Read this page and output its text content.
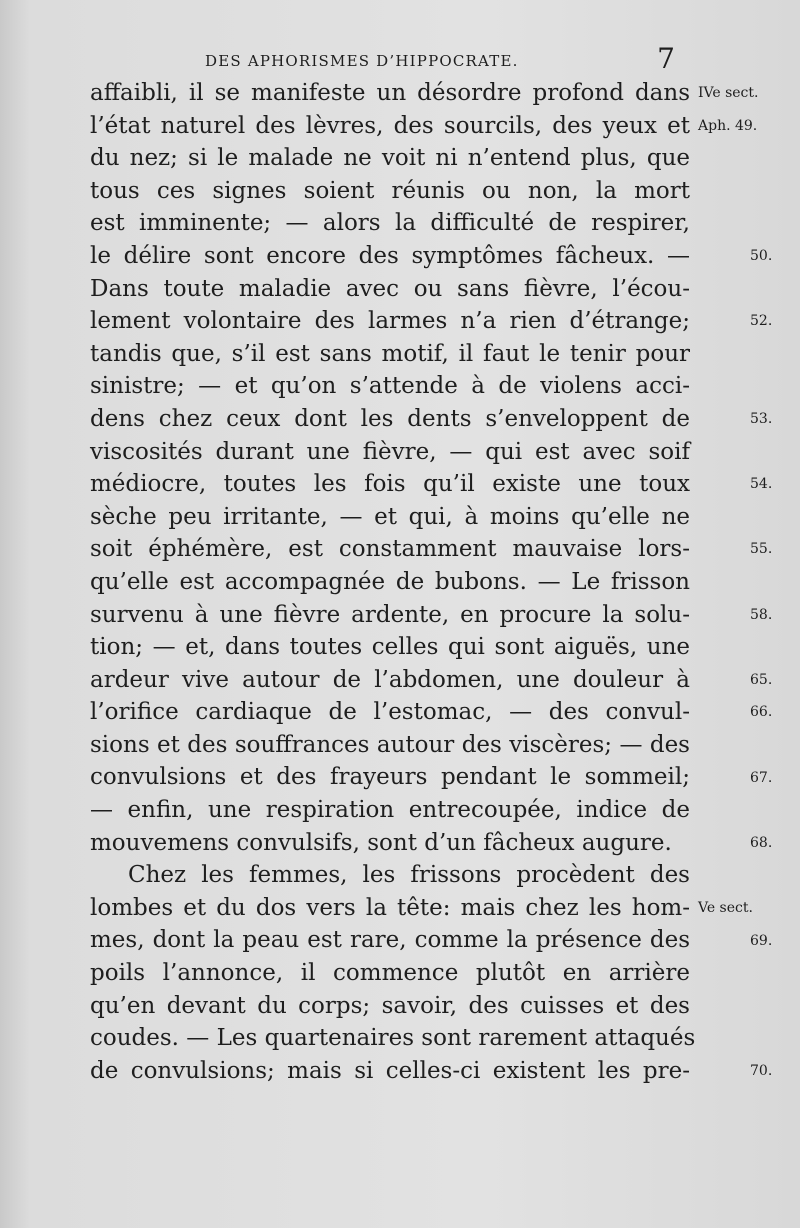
DES APHORISMES D’HIPPOCRATE.	7
affaibli, il se manifeste un désordre profond dans
l’état naturel des lèvres, des sourcils, des yeux et
du nez; si le malade ne voit ni n’entend plus, que
tous ces signes soient réunis ou non, la mort
est imminente; — alors la difficulté de respirer,
le délire sont encore des symptômes fâcheux. —
Dans toute maladie avec ou sans fièvre, l’écou-
lement volontaire des larmes n’a rien d’étrange;
tandis que, s’il est sans motif, il faut le tenir pour
sinistre; — et qu’on s’attende à de violens acci-
dens chez ceux dont les dents s’enveloppent de
viscosités durant une fièvre, — qui est avec soif
médiocre, toutes les fois qu’il existe une toux
sèche peu irritante, — et qui, à moins qu’elle ne
soit éphémère, est constamment mauvaise lors-
qu’elle est accompagnée de bubons. — Le frisson
survenu à une fièvre ardente, en procure la solu-
tion; — et, dans toutes celles qui sont aiguës, une
ardeur vive autour de l’abdomen, une douleur à
l’orifice cardiaque de l’estomac, — des convul-
sions et des souffrances autour des viscères; — des
convulsions et des frayeurs pendant le sommeil;
— enfin, une respiration entrecoupée, indice de
mouvemens convulsifs, sont d’un fâcheux augure.
Chez les femmes, les frissons procèdent des
lombes et du dos vers la tête: mais chez les hom-
mes, dont la peau est rare, comme la présence des
poils l’annonce, il commence plutôt en arrière
qu’en devant du corps; savoir, des cuisses et des
coudes. — Les quartenaires sont rarement attaqués
de convulsions; mais si celles-ci existent les pre-
IVe sect.
Aph. 49.
50.
52.
53.
54.
55.
58.
65.
66.
67.
68.
Ve sect.
69.
70.
